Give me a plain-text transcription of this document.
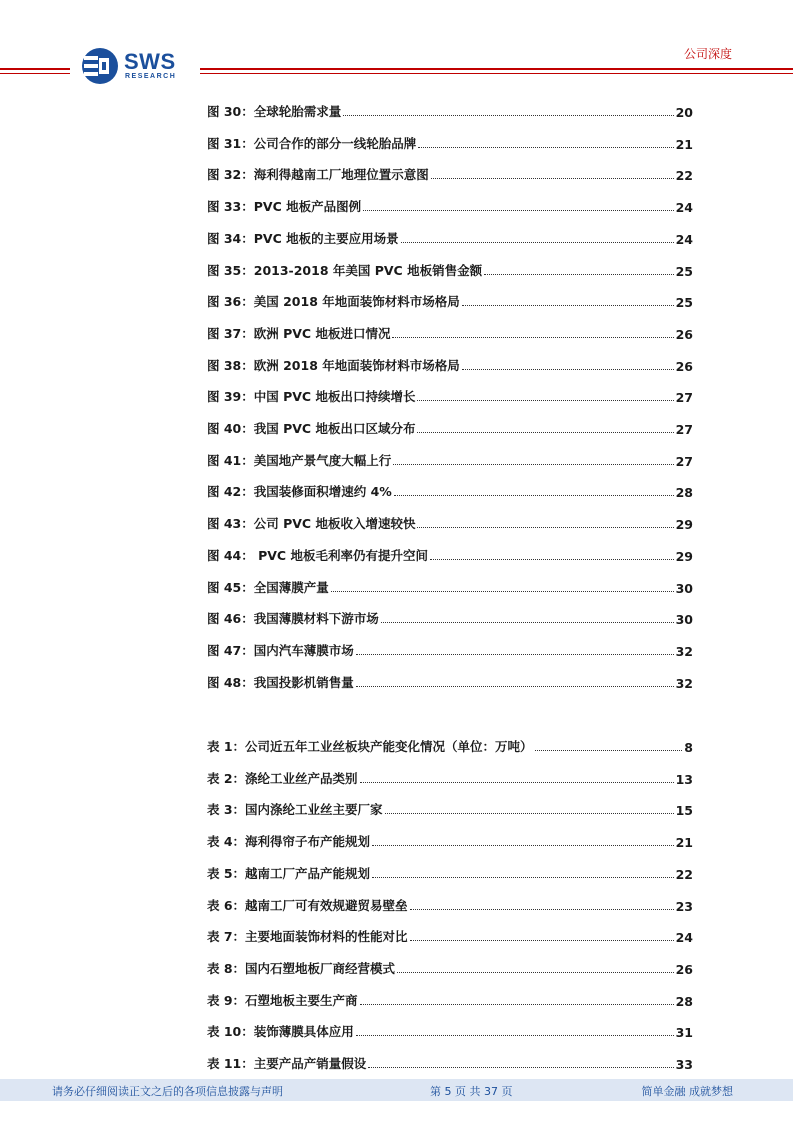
SWS
RESEARCH
公司深度
图 30：全球轮胎需求量	20
图 31：公司合作的部分一线轮胎品牌	21
图 32：海利得越南工厂地理位置示意图	22
图 33：PVC 地板产品图例	24
图 34：PVC 地板的主要应用场景	24
图 35：2013-2018 年美国 PVC 地板销售金额	25
图 36：美国 2018 年地面装饰材料市场格局	25
图 37：欧洲 PVC 地板进口情况	26
图 38：欧洲 2018 年地面装饰材料市场格局	26
图 39：中国 PVC 地板出口持续增长	27
图 40：我国 PVC 地板出口区域分布	27
图 41：美国地产景气度大幅上行	27
图 42：我国装修面积增速约 4%	28
图 43：公司 PVC 地板收入增速较快	29
图 44： PVC 地板毛利率仍有提升空间	29
图 45：全国薄膜产量	30
图 46：我国薄膜材料下游市场	30
图 47：国内汽车薄膜市场	32
图 48：我国投影机销售量	32
表 1：公司近五年工业丝板块产能变化情况（单位：万吨）	8
表 2：涤纶工业丝产品类别	13
表 3：国内涤纶工业丝主要厂家	15
表 4：海利得帘子布产能规划	21
表 5：越南工厂产品产能规划	22
表 6：越南工厂可有效规避贸易壁垒	23
表 7：主要地面装饰材料的性能对比	24
表 8：国内石塑地板厂商经营模式	26
表 9：石塑地板主要生产商	28
表 10：装饰薄膜具体应用	31
表 11：主要产品产销量假设	33
请务必仔细阅读正文之后的各项信息披露与声明	第 5 页 共 37 页	简单金融 成就梦想
